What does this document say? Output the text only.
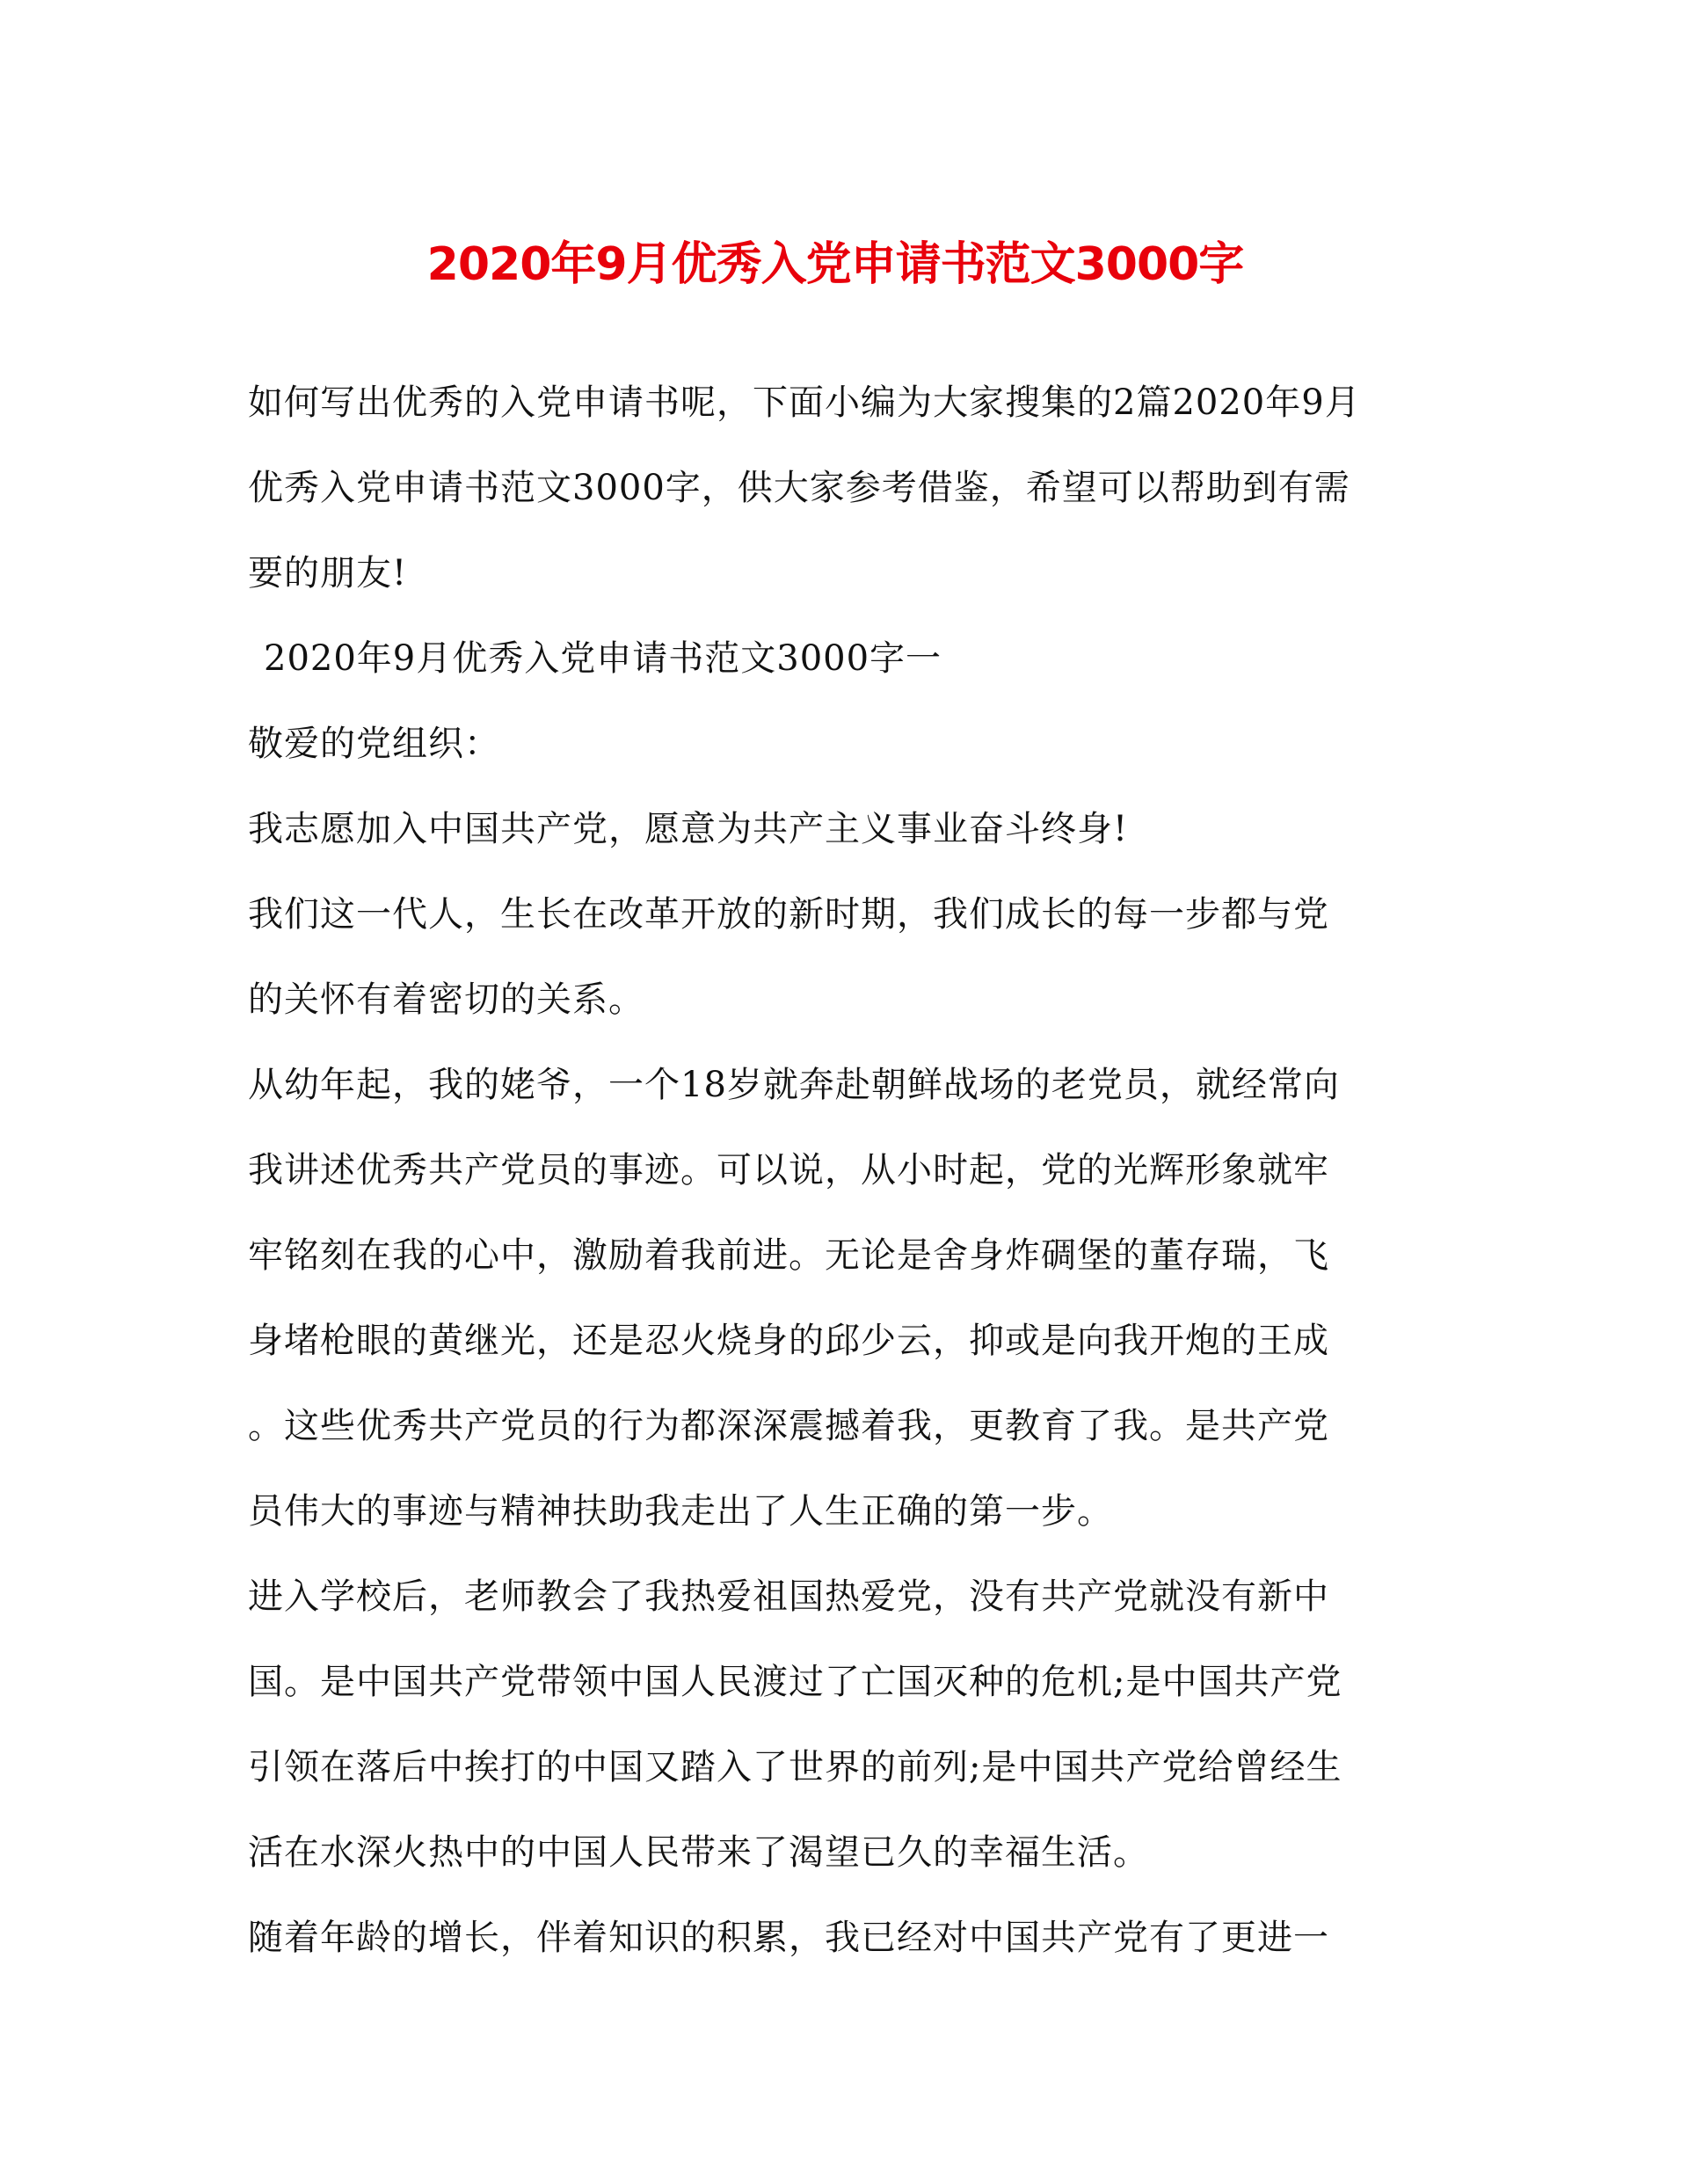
2020年9月优秀入党申请书范文3000字
如何写出优秀的入党申请书呢，下面小编为大家搜集的2篇2020年9月
优秀入党申请书范文3000字，供大家参考借鉴，希望可以帮助到有需
要的朋友!
2020年9月优秀入党申请书范文3000字一
敬爱的党组织：
我志愿加入中国共产党，愿意为共产主义事业奋斗终身!
我们这一代人，生长在改革开放的新时期，我们成长的每一步都与党
的关怀有着密切的关系。
从幼年起，我的姥爷，一个18岁就奔赴朝鲜战场的老党员，就经常向
我讲述优秀共产党员的事迹。可以说，从小时起，党的光辉形象就牢
牢铭刻在我的心中，激励着我前进。无论是舍身炸碉堡的董存瑞，飞
身堵枪眼的黄继光，还是忍火烧身的邱少云，抑或是向我开炮的王成
。这些优秀共产党员的行为都深深震撼着我，更教育了我。是共产党
员伟大的事迹与精神扶助我走出了人生正确的第一步。
进入学校后，老师教会了我热爱祖国热爱党，没有共产党就没有新中
国。是中国共产党带领中国人民渡过了亡国灭种的危机;是中国共产党
引领在落后中挨打的中国又踏入了世界的前列;是中国共产党给曾经生
活在水深火热中的中国人民带来了渴望已久的幸福生活。
随着年龄的增长，伴着知识的积累，我已经对中国共产党有了更进一
